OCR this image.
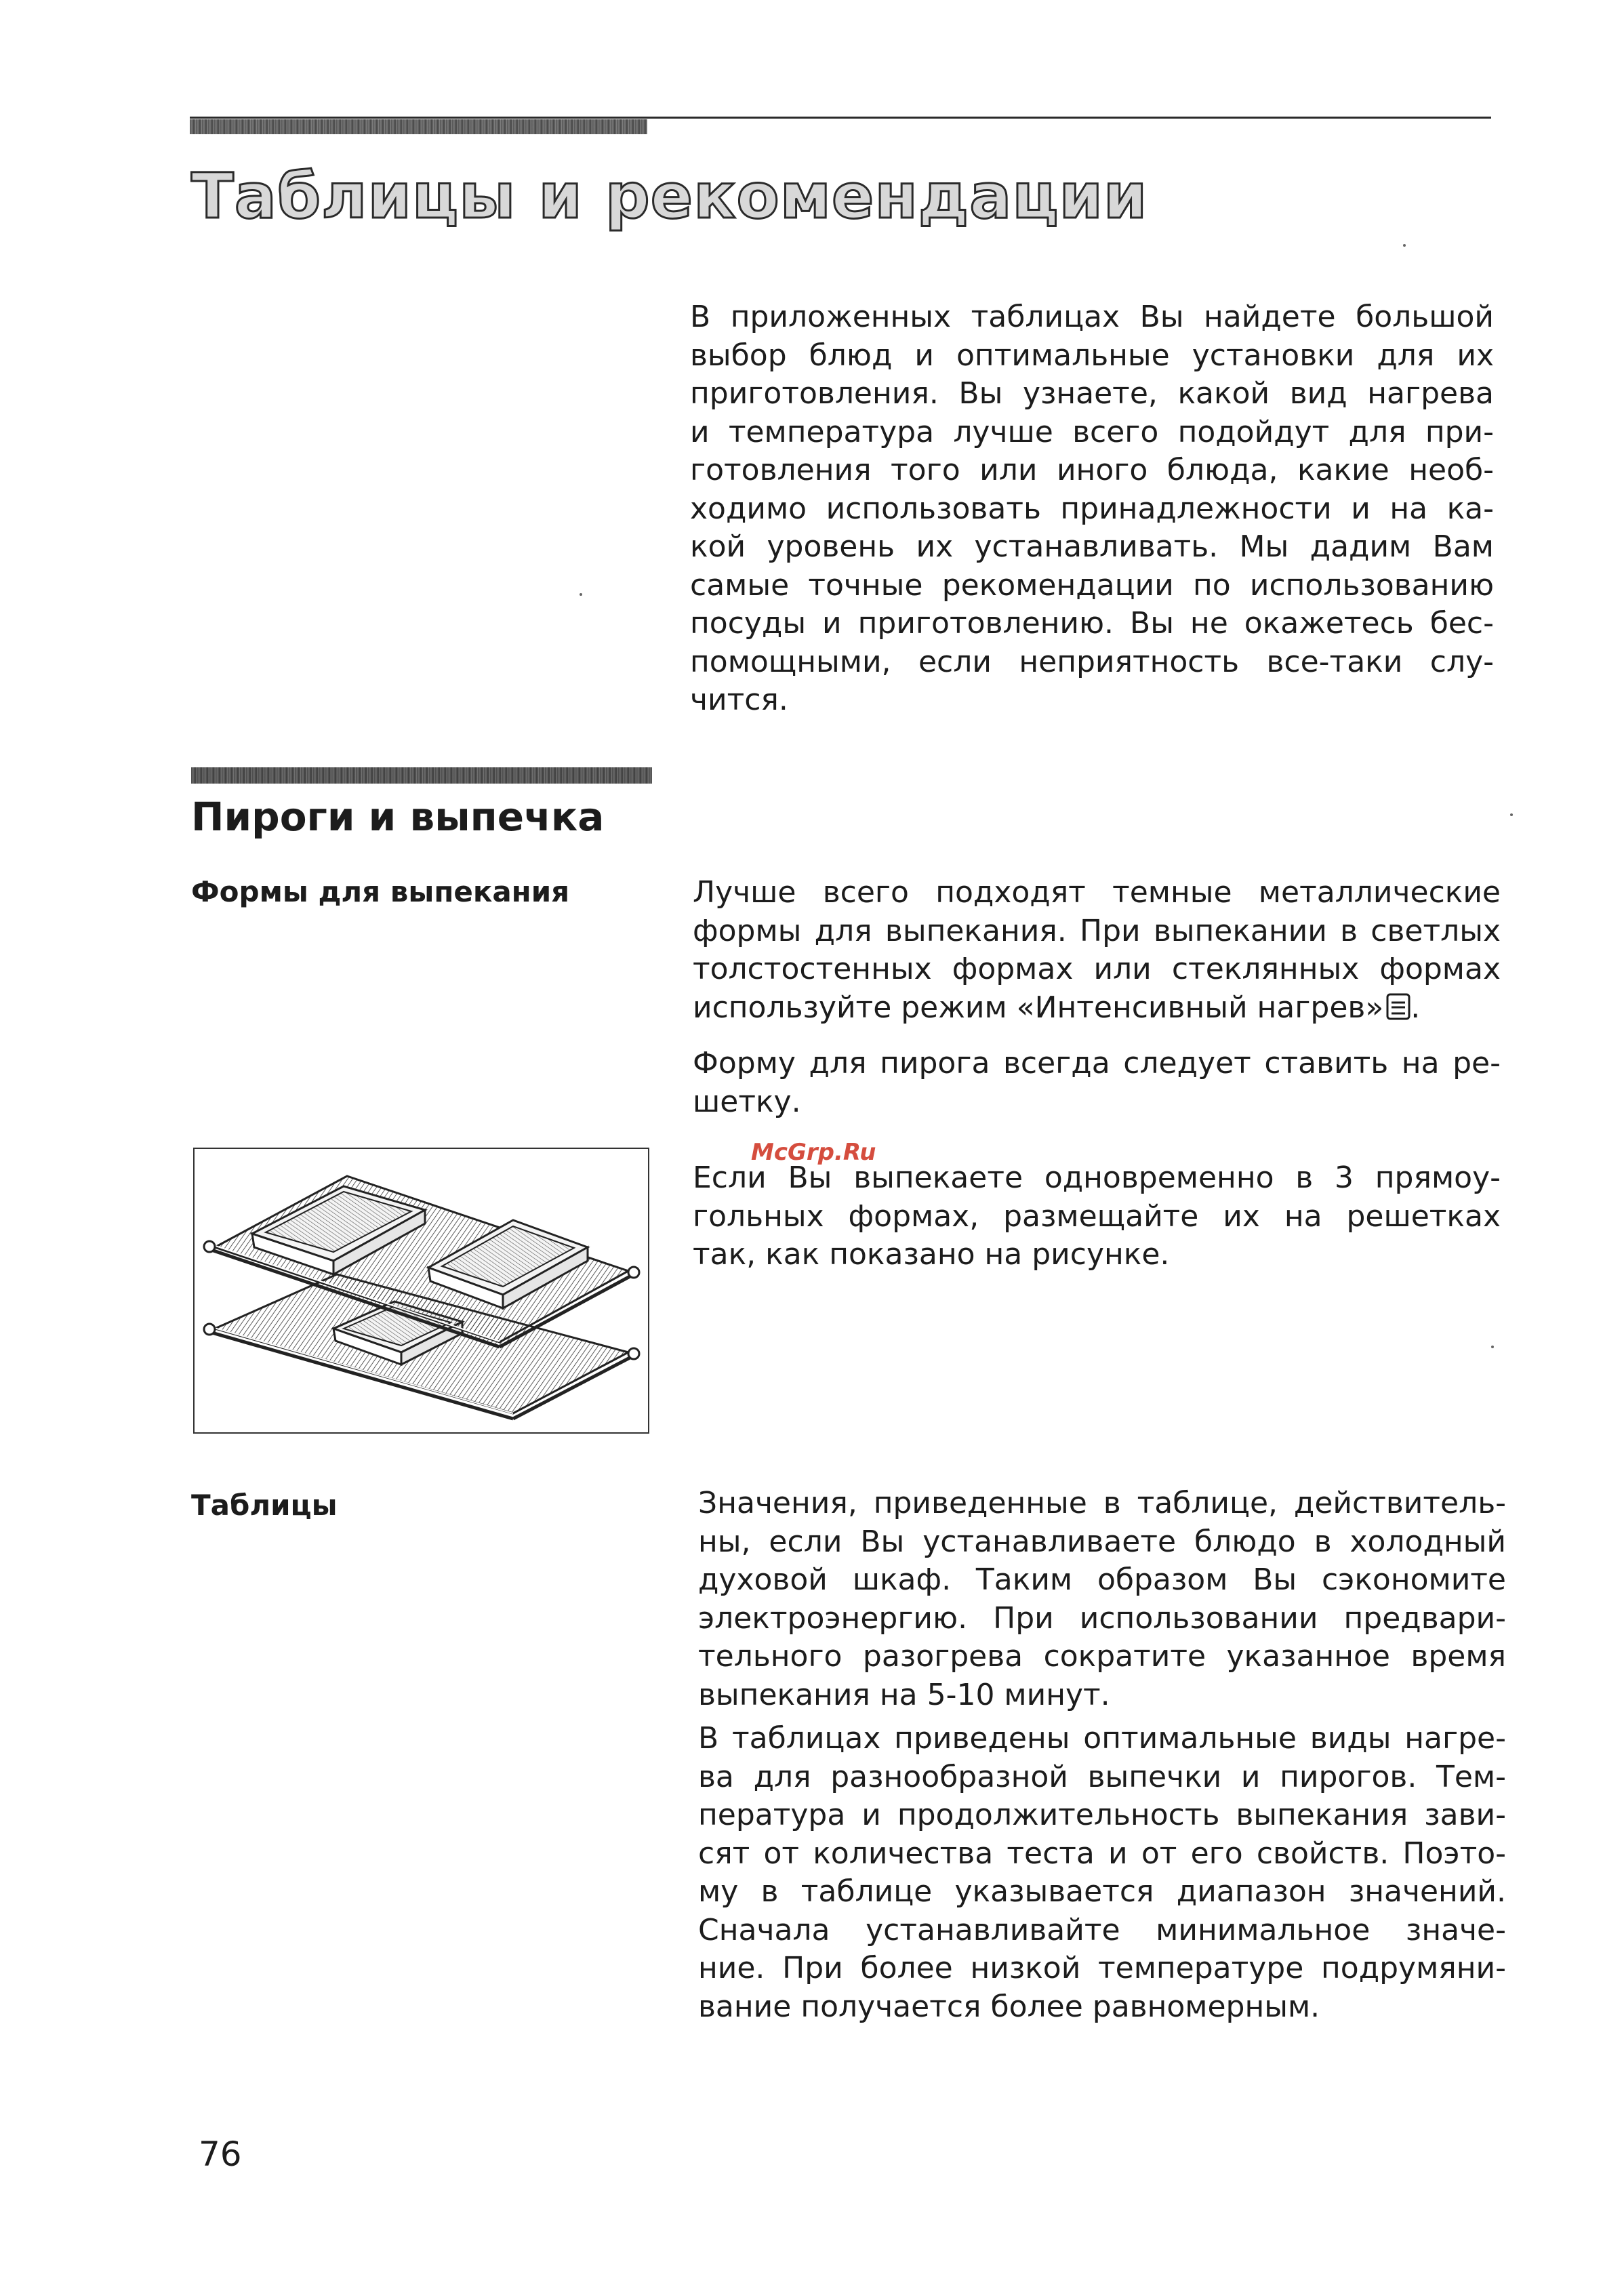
Таблицы и рекомендации

В приложенных таблицах Вы найдете большой
выбор блюд и оптимальные установки для их
приготовления. Вы узнаете, какой вид нагрева
и температура лучше всего подойдут для при-
готовления того или иного блюда, какие необ-
ходимо использовать принадлежности и на ка-
кой уровень их устанавливать. Мы дадим Вам
самые точные рекомендации по использованию
посуды и приготовлению. Вы не окажетесь бес-
помощными, если неприятность все-таки слу-
чится.

Пироги и выпечка
Формы для выпекания	Лучше всего подходят темные металлические
формы для выпекания. При выпекании в светлых
толстостенных формах или стеклянных формах
используйте режим «Интенсивный нагрев» .

Форму для пирога всегда следует ставить на ре-
шетку.

Если Вы выпекаете одновременно в 3 прямоу-
гольных формах, размещайте их на решетках
так, как показано на рисунке.

McGrp.Ru
Таблицы	Значения, приведенные в таблице, действитель-
ны, если Вы устанавливаете блюдо в холодный
духовой шкаф. Таким образом Вы сэкономите
электроэнергию. При использовании предвари-
тельного разогрева сократите указанное время
выпекания на 5-10 минут.

В таблицах приведены оптимальные виды нагре-
ва для разнообразной выпечки и пирогов. Тем-
пература и продолжительность выпекания зави-
сят от количества теста и от его свойств. Поэто-
му в таблице указывается диапазон значений.
Сначала устанавливайте минимальное значе-
ние. При более низкой температуре подрумяни-
вание получается более равномерным.

76
